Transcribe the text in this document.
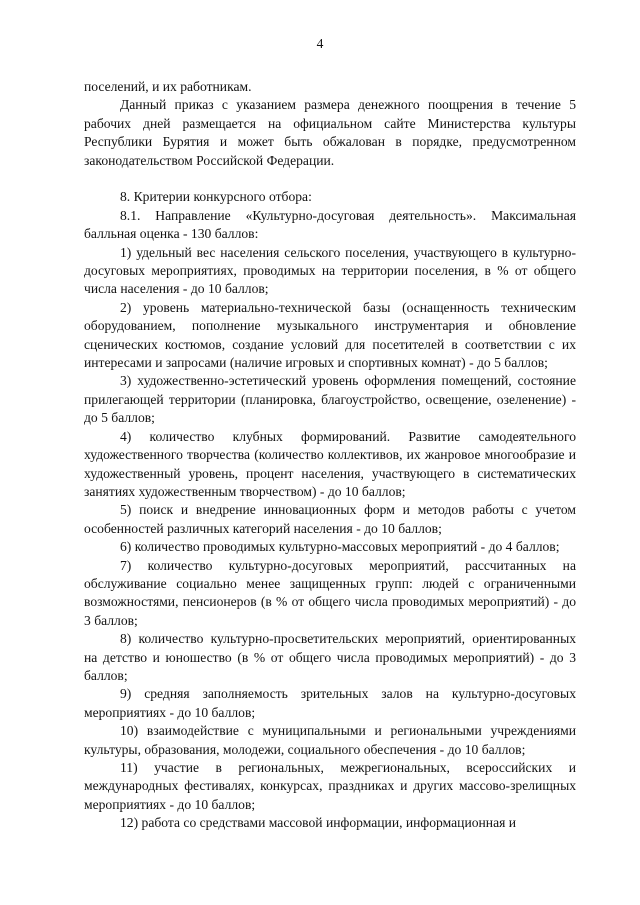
4

поселений, и их работникам.

Данный приказ с указанием размера денежного поощрения в течение 5 рабочих дней размещается на официальном сайте Министерства культуры Республики Бурятия и может быть обжалован в порядке, предусмотренном законодательством Российской Федерации.

8. Критерии конкурсного отбора:

8.1. Направление «Культурно-досуговая деятельность». Максимальная балльная оценка - 130 баллов:

1) удельный вес населения сельского поселения, участвующего в культурно-досуговых мероприятиях, проводимых на территории поселения, в % от общего числа населения - до 10 баллов;

2) уровень материально-технической базы (оснащенность техническим оборудованием, пополнение музыкального инструментария и обновление сценических костюмов, создание условий для посетителей в соответствии с их интересами и запросами (наличие игровых и спортивных комнат) - до 5 баллов;

3) художественно-эстетический уровень оформления помещений, состояние прилегающей территории (планировка, благоустройство, освещение, озеленение) - до 5 баллов;

4) количество клубных формирований. Развитие самодеятельного художественного творчества (количество коллективов, их жанровое многообразие и художественный уровень, процент населения, участвующего в систематических занятиях художественным творчеством) - до 10 баллов;

5) поиск и внедрение инновационных форм и методов работы с учетом особенностей различных категорий населения - до 10 баллов;

6) количество проводимых культурно-массовых мероприятий - до 4 баллов;

7) количество культурно-досуговых мероприятий, рассчитанных на обслуживание социально менее защищенных групп: людей с ограниченными возможностями, пенсионеров (в % от общего числа проводимых мероприятий) - до 3 баллов;

8) количество культурно-просветительских мероприятий, ориентированных на детство и юношество (в % от общего числа проводимых мероприятий) - до 3 баллов;

9) средняя заполняемость зрительных залов на культурно-досуговых мероприятиях - до 10 баллов;

10) взаимодействие с муниципальными и региональными учреждениями культуры, образования, молодежи, социального обеспечения - до 10 баллов;

11) участие в региональных, межрегиональных, всероссийских и международных фестивалях, конкурсах, праздниках и других массово-зрелищных мероприятиях - до 10 баллов;

12) работа со средствами массовой информации, информационная и
